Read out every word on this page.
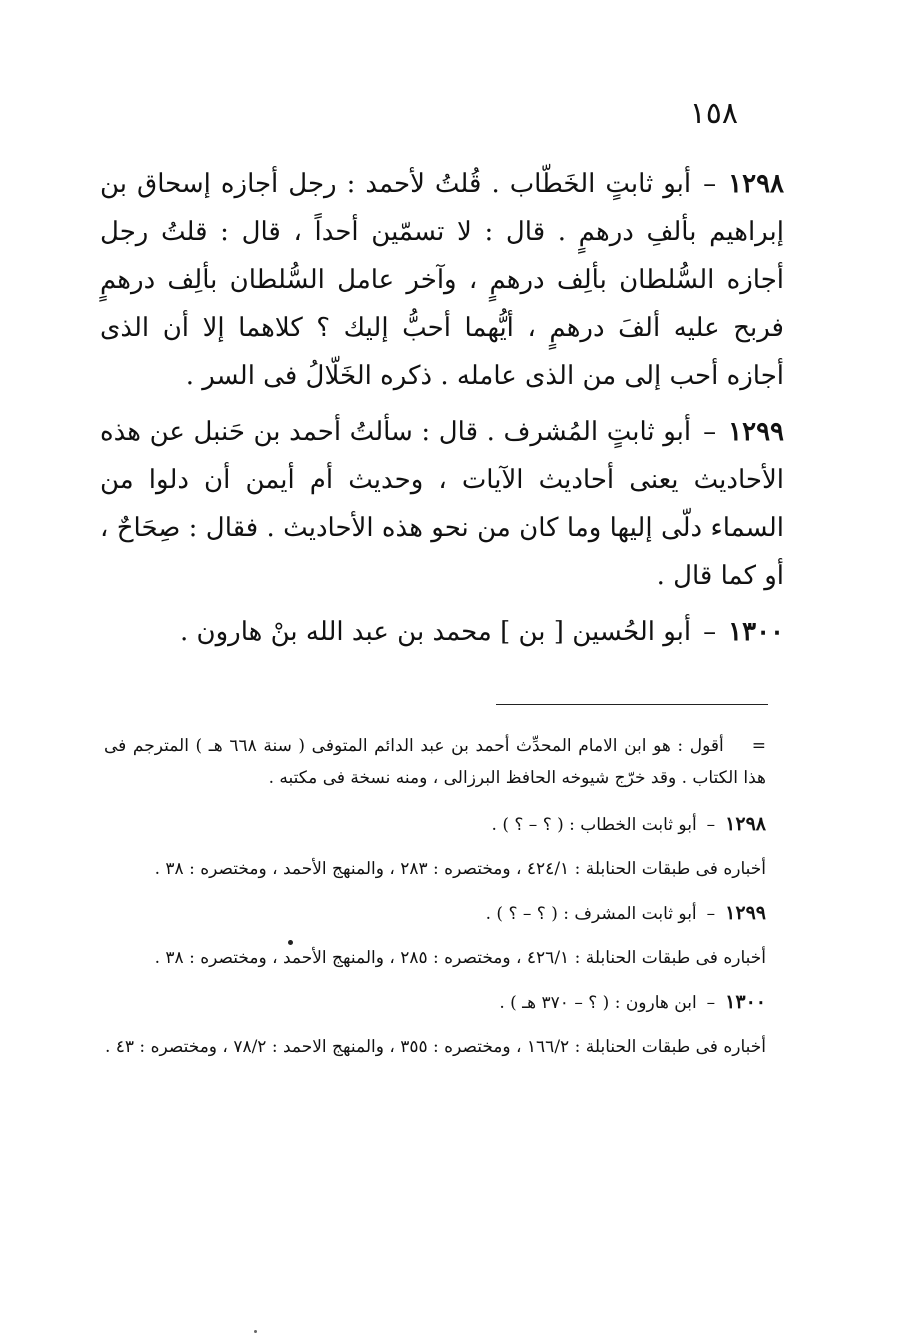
١٥٨

١٢٩٨–أبو ثابتٍ الخَطّاب . قُلتُ لأحمد : رجل أجازه إسحاق بن إبراهيم بألفِ درهمٍ . قال : لا تسمّين أحداً ، قال : قلتُ رجل أجازه السُّلطان بألِف درهمٍ ، وآخر عامل السُّلطان بألِف درهمٍ فربح عليه ألفَ درهمٍ ، أيُّهما أحبُّ إليك ؟ كلاهما إلا أن الذى أجازه أحب إلى من الذى عامله . ذكره الخَلّالُ فى السر .

١٢٩٩–أبو ثابتٍ المُشرف . قال : سألتُ أحمد بن حَنبل عن هذه الأحاديث يعنى أحاديث الآيات ، وحديث أم أيمن أن دلوا من السماء دلّى إليها وما كان من نحو هذه الأحاديث . فقال : صِحَاحٌ ، أو كما قال .

١٣٠٠–أبو الحُسين [ بن ] محمد بن عبد الله بنْ هارون .

=أقول : هو ابن الامام المحدِّث أحمد بن عبد الدائم المتوفى ( سنة ٦٦٨ هـ ) المترجم فى هذا الكتاب . وقد خرّج شيوخه الحافظ البرزالى ، ومنه نسخة فى مكتبه .

١٢٩٨–أبو ثابت الخطاب : ( ؟ – ؟ ) .

أخباره فى طبقات الحنابلة : ٤٢٤/١ ، ومختصره : ٢٨٣ ، والمنهج الأحمد ، ومختصره : ٣٨ .

١٢٩٩–أبو ثابت المشرف : ( ؟ – ؟ ) .

أخباره فى طبقات الحنابلة : ٤٢٦/١ ، ومختصره : ٢٨٥ ، والمنهج الأحمد ، ومختصره : ٣٨ .

١٣٠٠–ابن هارون : ( ؟ – ٣٧٠ هـ ) .

أخباره فى طبقات الحنابلة : ١٦٦/٢ ، ومختصره : ٣٥٥ ، والمنهج الاحمد : ٧٨/٢ ، ومختصره : ٤٣ .
